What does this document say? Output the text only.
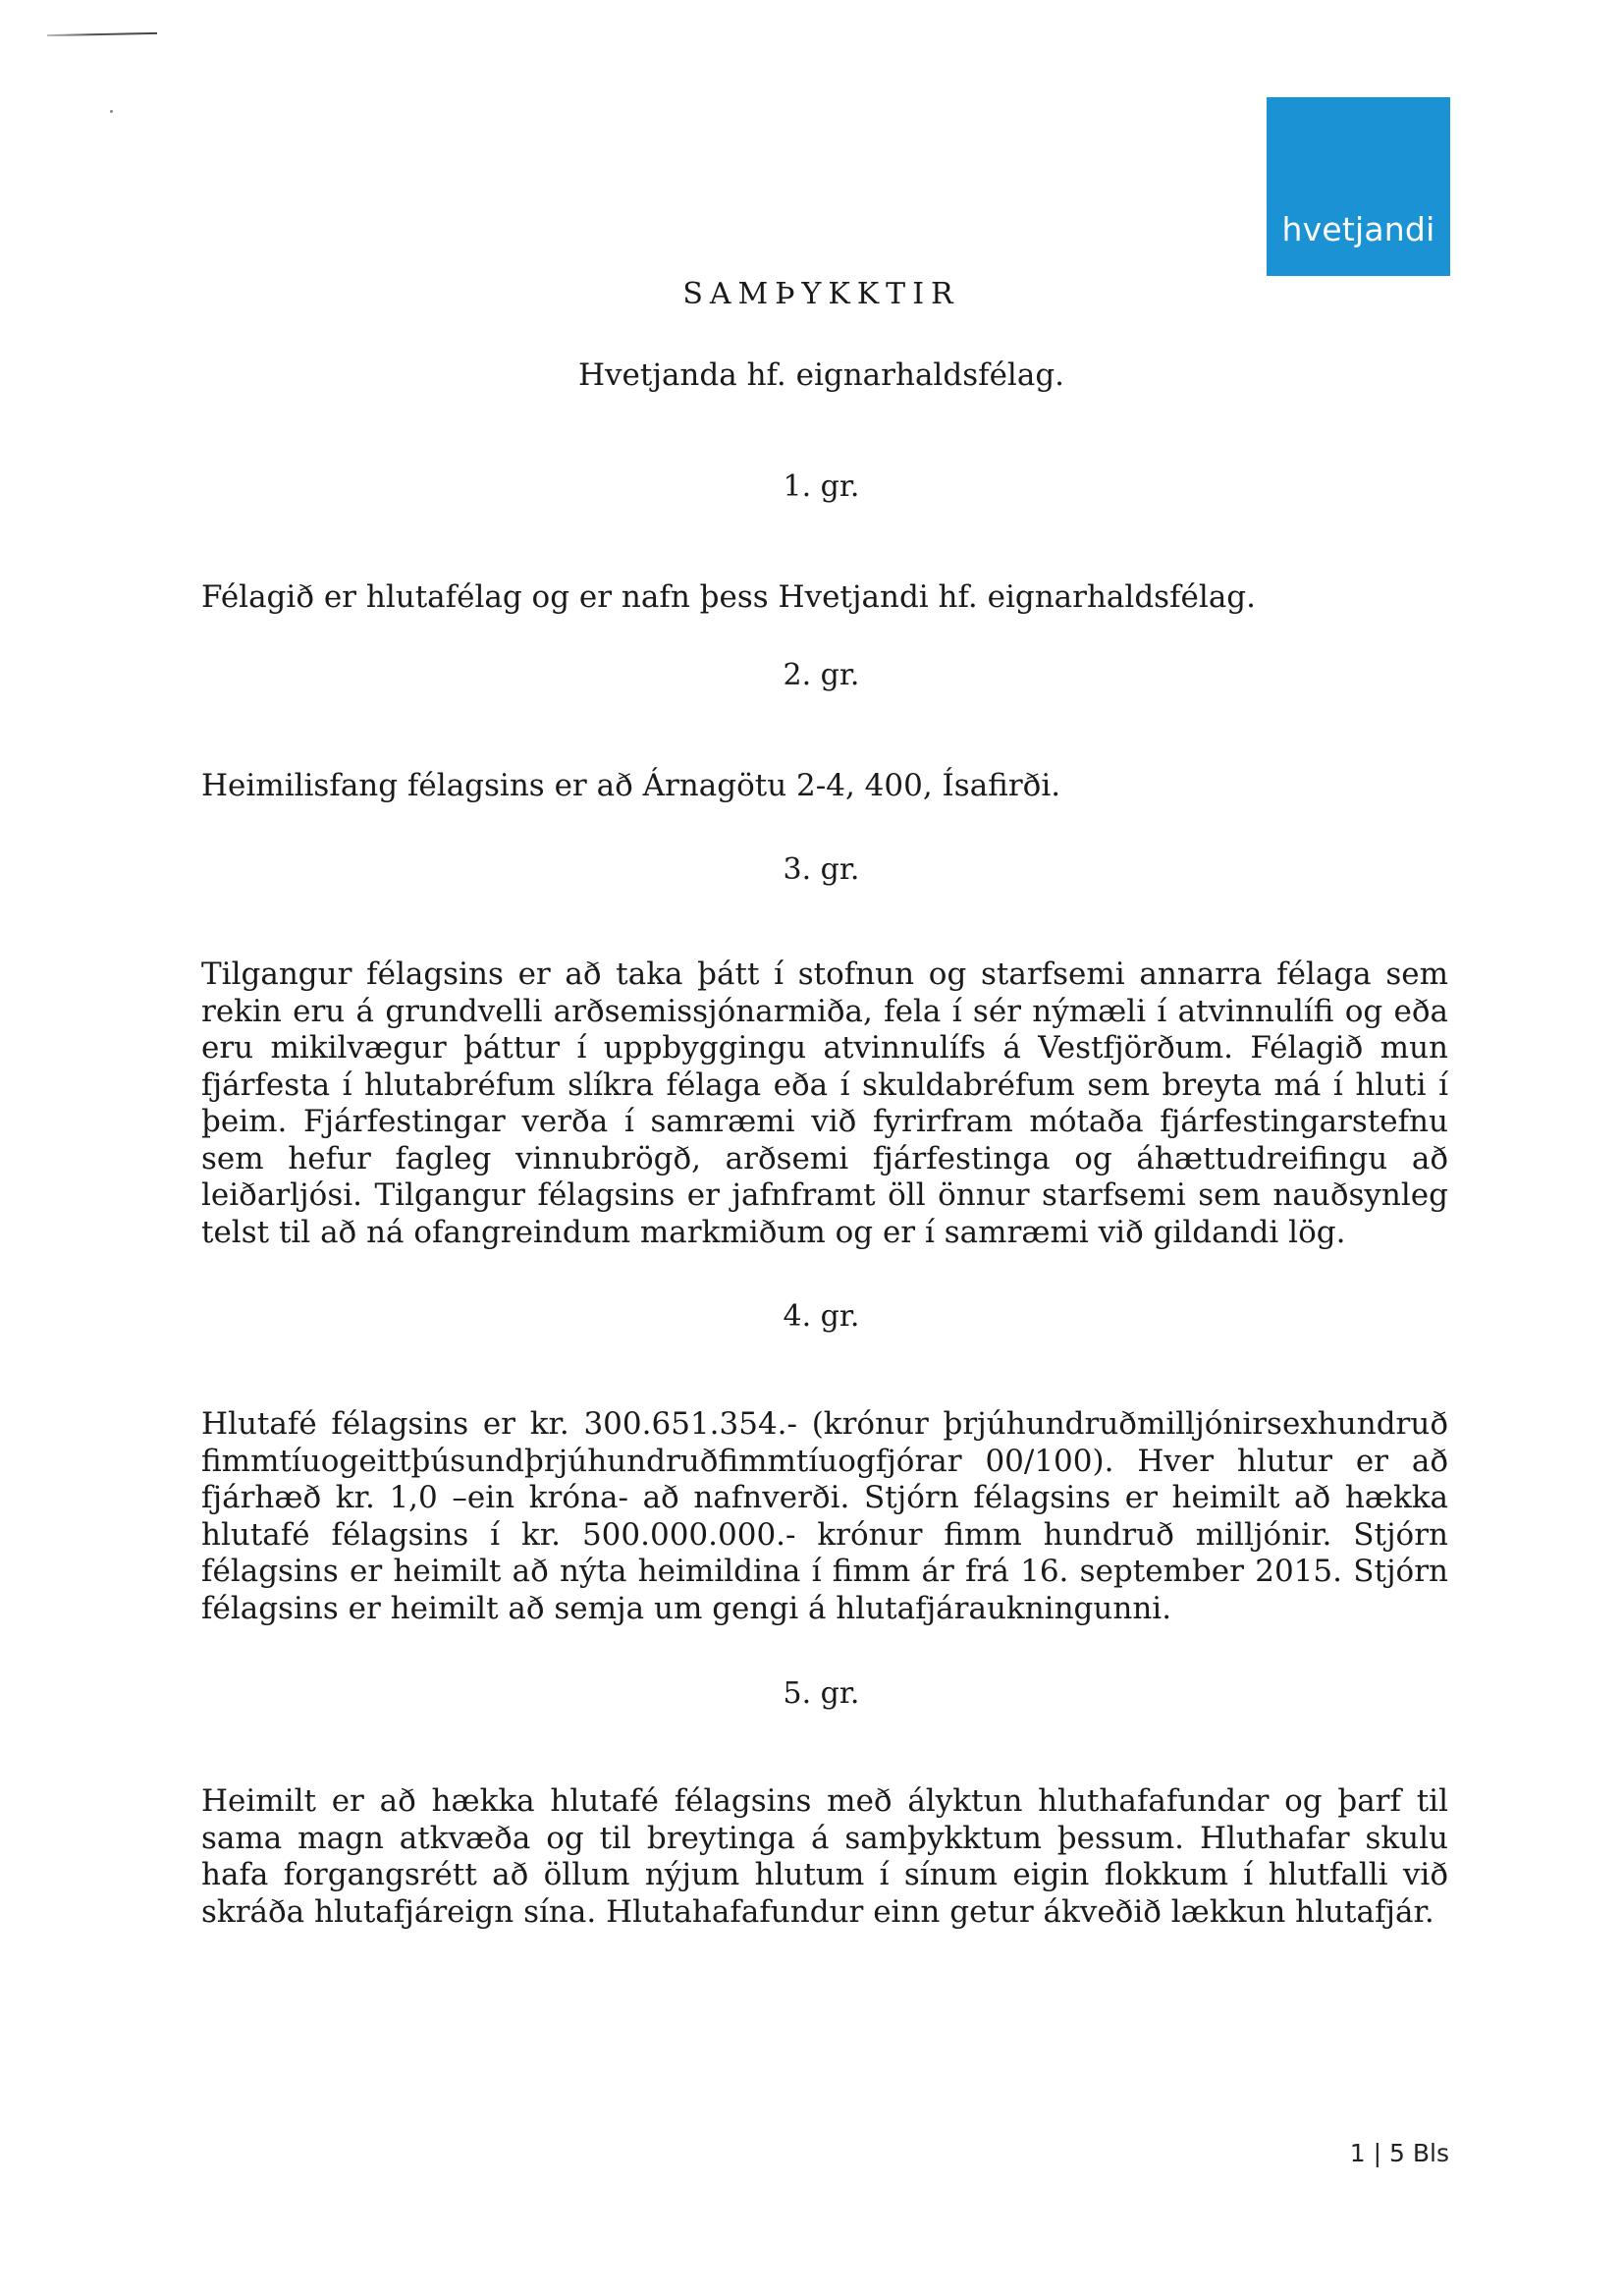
hvetjandi
SAMÞYKKTIR
Hvetjanda hf. eignarhaldsfélag.
1. gr.

Félagið er hlutafélag og er nafn þess Hvetjandi hf. eignarhaldsfélag.

2. gr.

Heimilisfang félagsins er að Árnagötu 2-4, 400, Ísafirði.

3. gr.

Tilgangur félagsins er að taka þátt í stofnun og starfsemi annarra félaga sem rekin eru á grundvelli arðsemissjónarmiða, fela í sér nýmæli í atvinnulífi og eða eru mikilvægur þáttur í uppbyggingu atvinnulífs á Vestfjörðum. Félagið mun fjárfesta í hlutabréfum slíkra félaga eða í skuldabréfum sem breyta má í hluti í þeim. Fjárfestingar verða í samræmi við fyrirfram mótaða fjárfestingarstefnu sem hefur fagleg vinnubrögð, arðsemi fjárfestinga og áhættudreifingu að leiðarljósi. Tilgangur félagsins er jafnframt öll önnur starfsemi sem nauðsynleg telst til að ná ofangreindum markmiðum og er í samræmi við gildandi lög.

4. gr.

Hlutafé félagsins er kr. 300.651.354.- (krónur þrjúhundruðmilljónirsexhundruð fimmtíuogeittþúsundþrjúhundruðfimmtíuogfjórar 00/100). Hver hlutur er að fjárhæð kr. 1,0 –ein króna- að nafnverði. Stjórn félagsins er heimilt að hækka hlutafé félagsins í kr. 500.000.000.- krónur fimm hundruð milljónir. Stjórn félagsins er heimilt að nýta heimildina í fimm ár frá 16. september 2015. Stjórn félagsins er heimilt að semja um gengi á hlutafjáraukningunni.

5. gr.

Heimilt er að hækka hlutafé félagsins með ályktun hluthafafundar og þarf til sama magn atkvæða og til breytinga á samþykktum þessum. Hluthafar skulu hafa forgangsrétt að öllum nýjum hlutum í sínum eigin flokkum í hlutfalli við skráða hlutafjáreign sína. Hlutahafafundur einn getur ákveðið lækkun hlutafjár.

1 | 5 Bls
